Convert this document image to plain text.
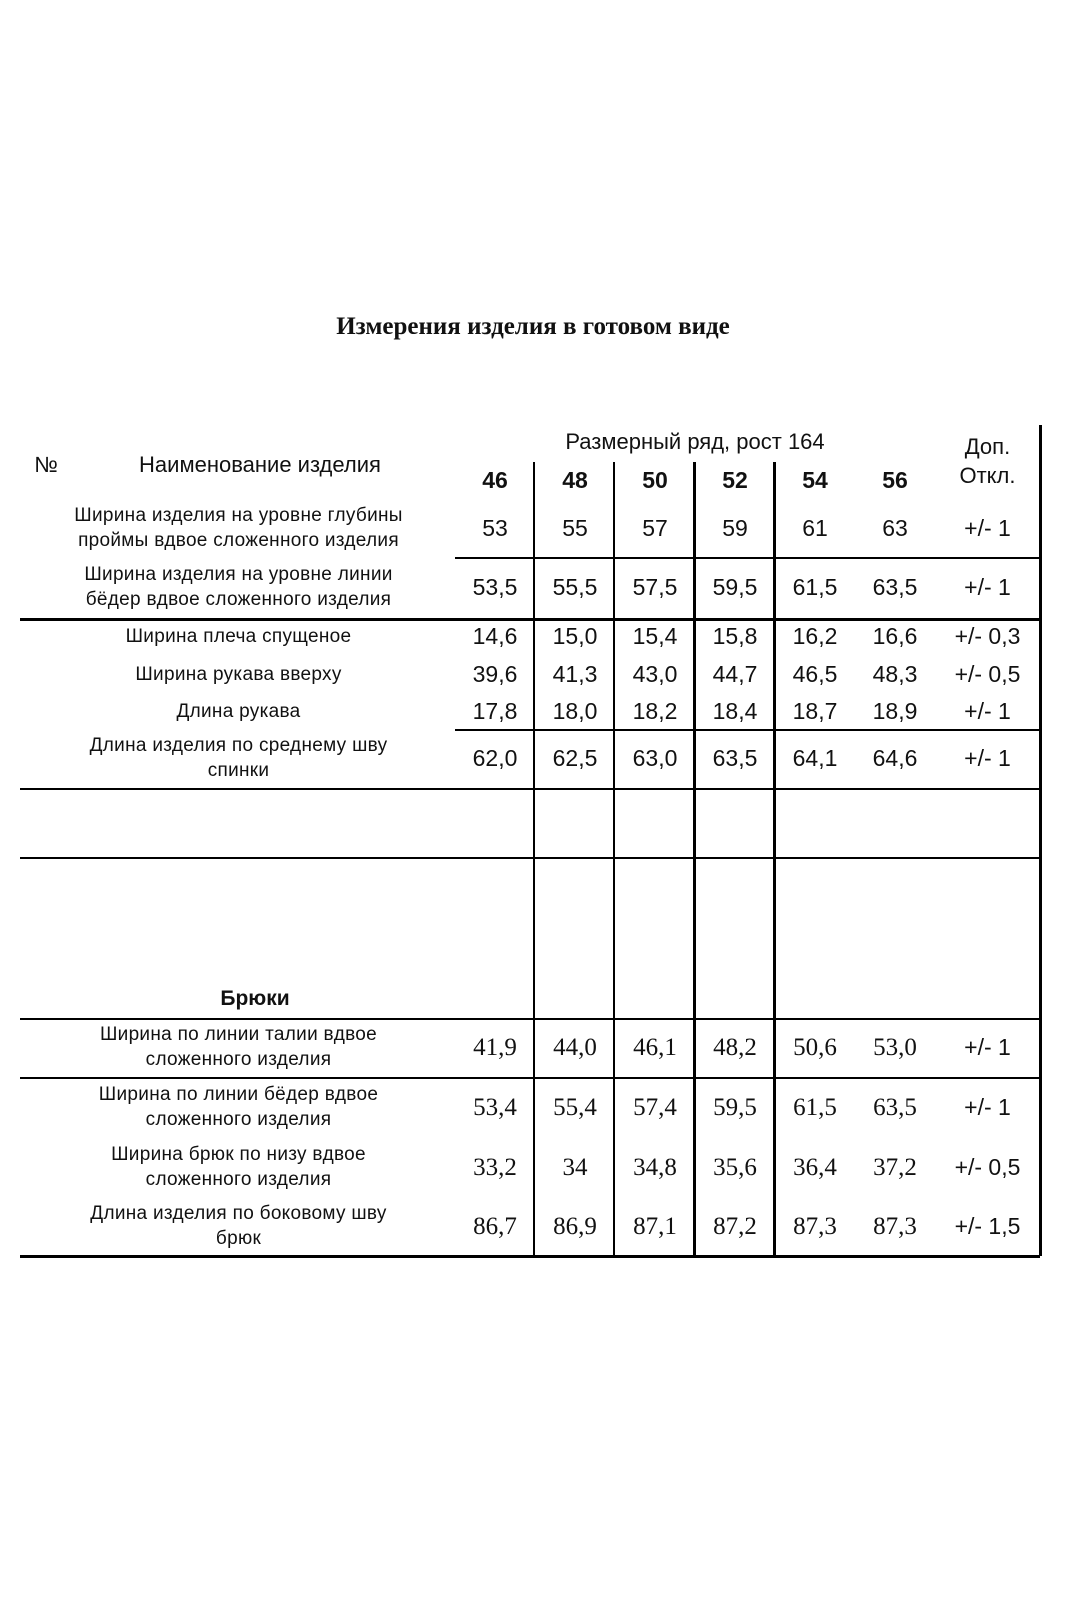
Измерения изделия в готовом виде
№	Наименование изделия
Размерный ряд, рост 164	Доп.
Откл.
46	48	50	52	54	56
Ширина изделия на уровне глубины
проймы вдвое сложенного изделия	53	55	57	59	61	63	+/- 1
Ширина изделия на уровне линии
бёдер вдвое сложенного изделия	53,5	55,5	57,5	59,5	61,5	63,5	+/- 1
Ширина плеча спущеное	14,6	15,0	15,4	15,8	16,2	16,6	+/- 0,3
Ширина рукава вверху	39,6	41,3	43,0	44,7	46,5	48,3	+/- 0,5
Длина рукава	17,8	18,0	18,2	18,4	18,7	18,9	+/- 1
Длина изделия по среднему шву
спинки	62,0	62,5	63,0	63,5	64,1	64,6	+/- 1
Брюки
Ширина по линии талии вдвое
сложенного изделия	41,9	44,0	46,1	48,2	50,6	53,0	+/- 1
Ширина по линии бёдер вдвое
сложенного изделия	53,4	55,4	57,4	59,5	61,5	63,5	+/- 1
Ширина брюк по низу вдвое
сложенного изделия	33,2	34	34,8	35,6	36,4	37,2	+/- 0,5
Длина изделия по боковому шву
брюк	86,7	86,9	87,1	87,2	87,3	87,3	+/- 1,5
